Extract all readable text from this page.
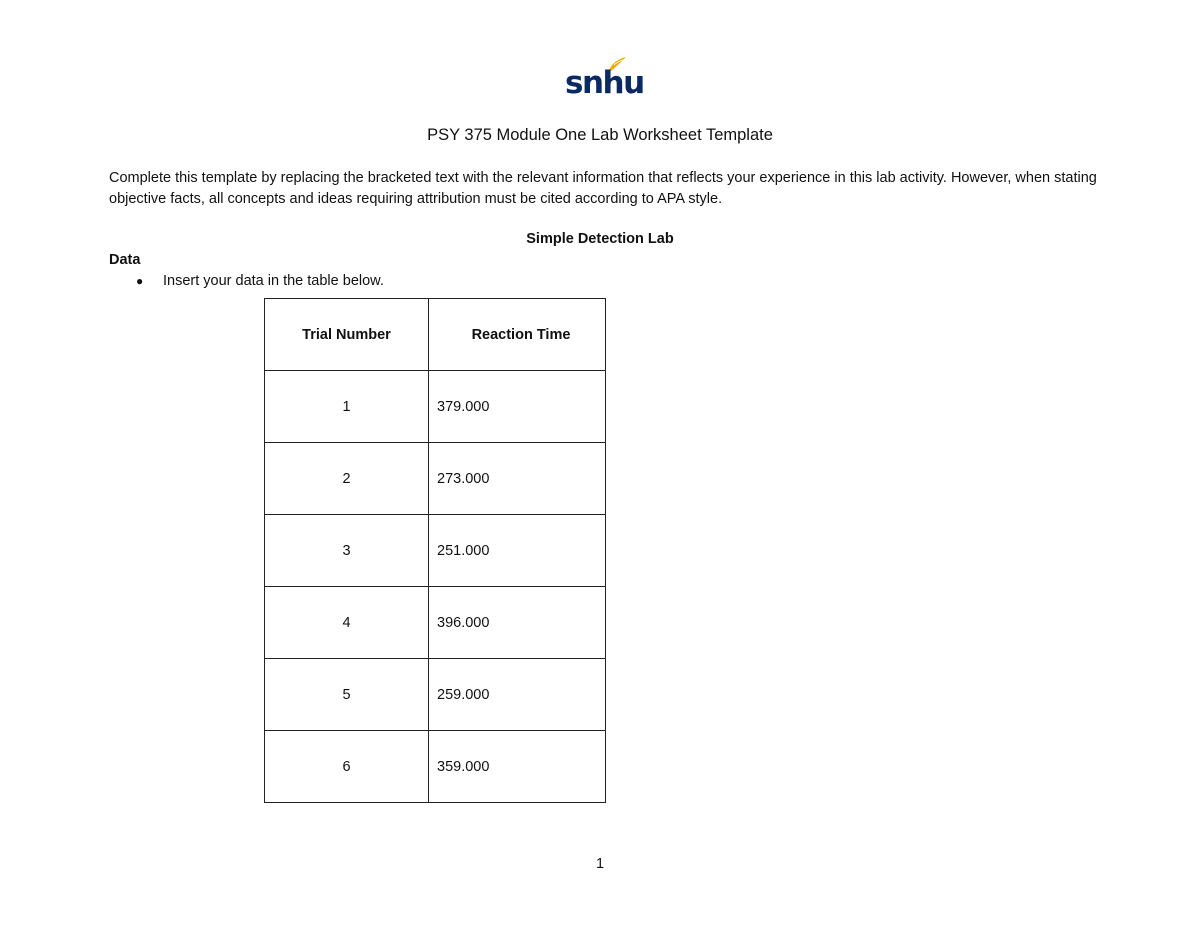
snhu
PSY 375 Module One Lab Worksheet Template
Complete this template by replacing the bracketed text with the relevant information that reflects your experience in this lab activity. However, when stating objective facts, all concepts and ideas requiring attribution must be cited according to APA style.
Simple Detection Lab
Data
● Insert your data in the table below.
Trial Number	Reaction Time
1	379.000
2	273.000
3	251.000
4	396.000
5	259.000
6	359.000
1
